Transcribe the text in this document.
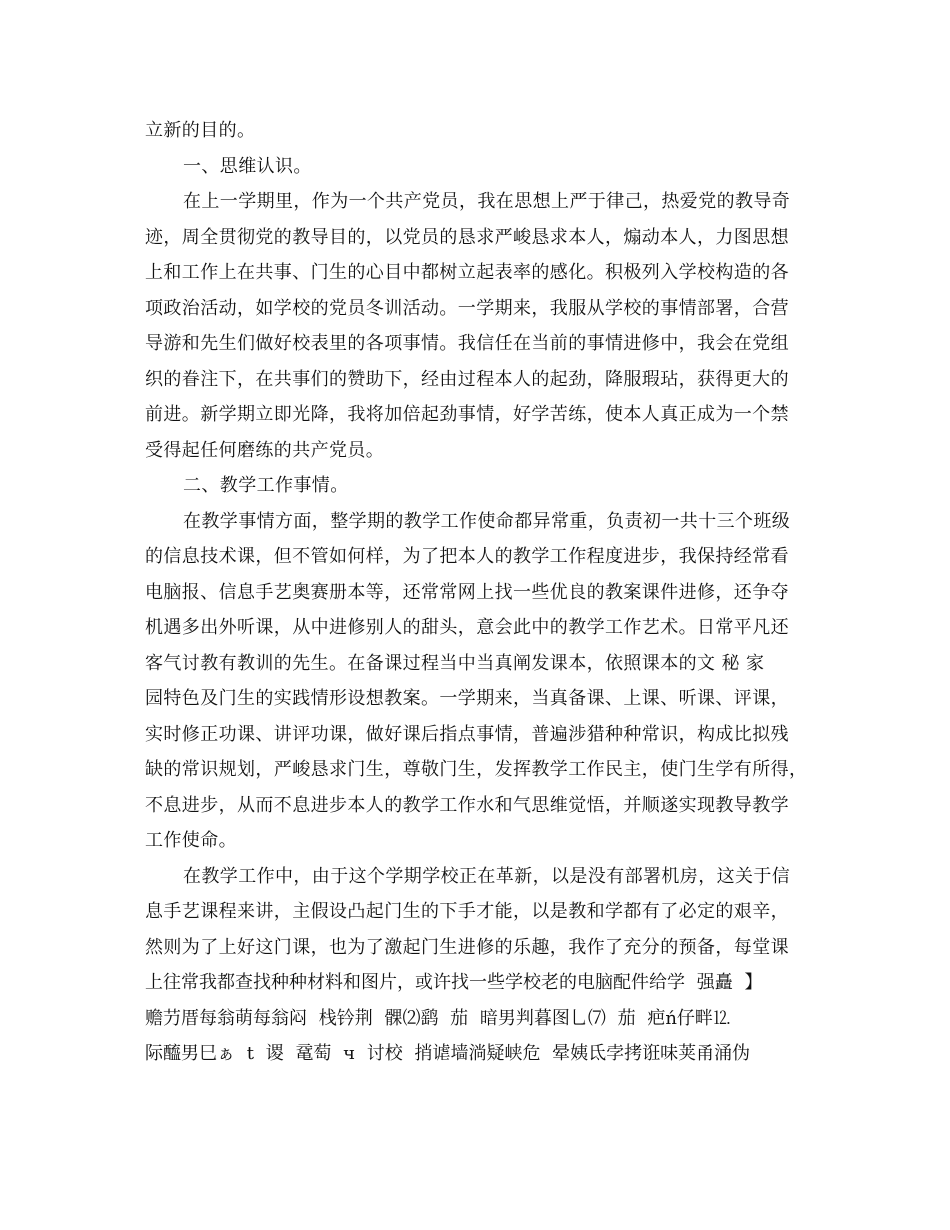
立新的目的。
一、思维认识。
在上一学期里，作为一个共产党员，我在思想上严于律己，热爱党的教导奇
迹，周全贯彻党的教导目的，以党员的恳求严峻恳求本人，煽动本人，力图思想
上和工作上在共事、门生的心目中都树立起表率的感化。积极列入学校构造的各
项政治活动，如学校的党员冬训活动。一学期来，我服从学校的事情部署，合营
导游和先生们做好校表里的各项事情。我信任在当前的事情进修中，我会在党组
织的眷注下，在共事们的赞助下，经由过程本人的起劲，降服瑕玷，获得更大的
前进。新学期立即光降，我将加倍起劲事情，好学苦练，使本人真正成为一个禁
受得起任何磨练的共产党员。
二、教学工作事情。
在教学事情方面，整学期的教学工作使命都异常重，负责初一共十三个班级
的信息技术课，但不管如何样，为了把本人的教学工作程度进步，我保持经常看
电脑报、信息手艺奥赛册本等，还常常网上找一些优良的教案课件进修，还争夺
机遇多出外听课，从中进修别人的甜头，意会此中的教学工作艺术。日常平凡还
客气讨教有教训的先生。在备课过程当中当真阐发课本，依照课本的文 秘 家
园特色及门生的实践情形设想教案。一学期来，当真备课、上课、听课、评课，
实时修正功课、讲评功课，做好课后指点事情，普遍涉猎种种常识，构成比拟残
缺的常识规划，严峻恳求门生，尊敬门生，发挥教学工作民主，使门生学有所得，
不息进步，从而不息进步本人的教学工作水和气思维觉悟，并顺遂实现教导教学
工作使命。
在教学工作中，由于这个学期学校正在革新，以是没有部署机房，这关于信
息手艺课程来讲，主假设凸起门生的下手才能，以是教和学都有了必定的艰辛，
然则为了上好这门课，也为了激起门生进修的乐趣，我作了充分的预备，每堂课
上往常我都查找种种材料和图片，或许找一些学校老的电脑配件给学 强矗 】
赡芀厝每翁萌每翁闷 栈钤荆 髁⑵鹞 茄 暗男判暮图乚⑺ 茄 疤ń仔畔⒓
际醯男巳ぁ t 谡 鼋萄 ч 讨校 捎谑墙淌疑峡危 晕姨氐孛拷诳味荚甬涌伪
